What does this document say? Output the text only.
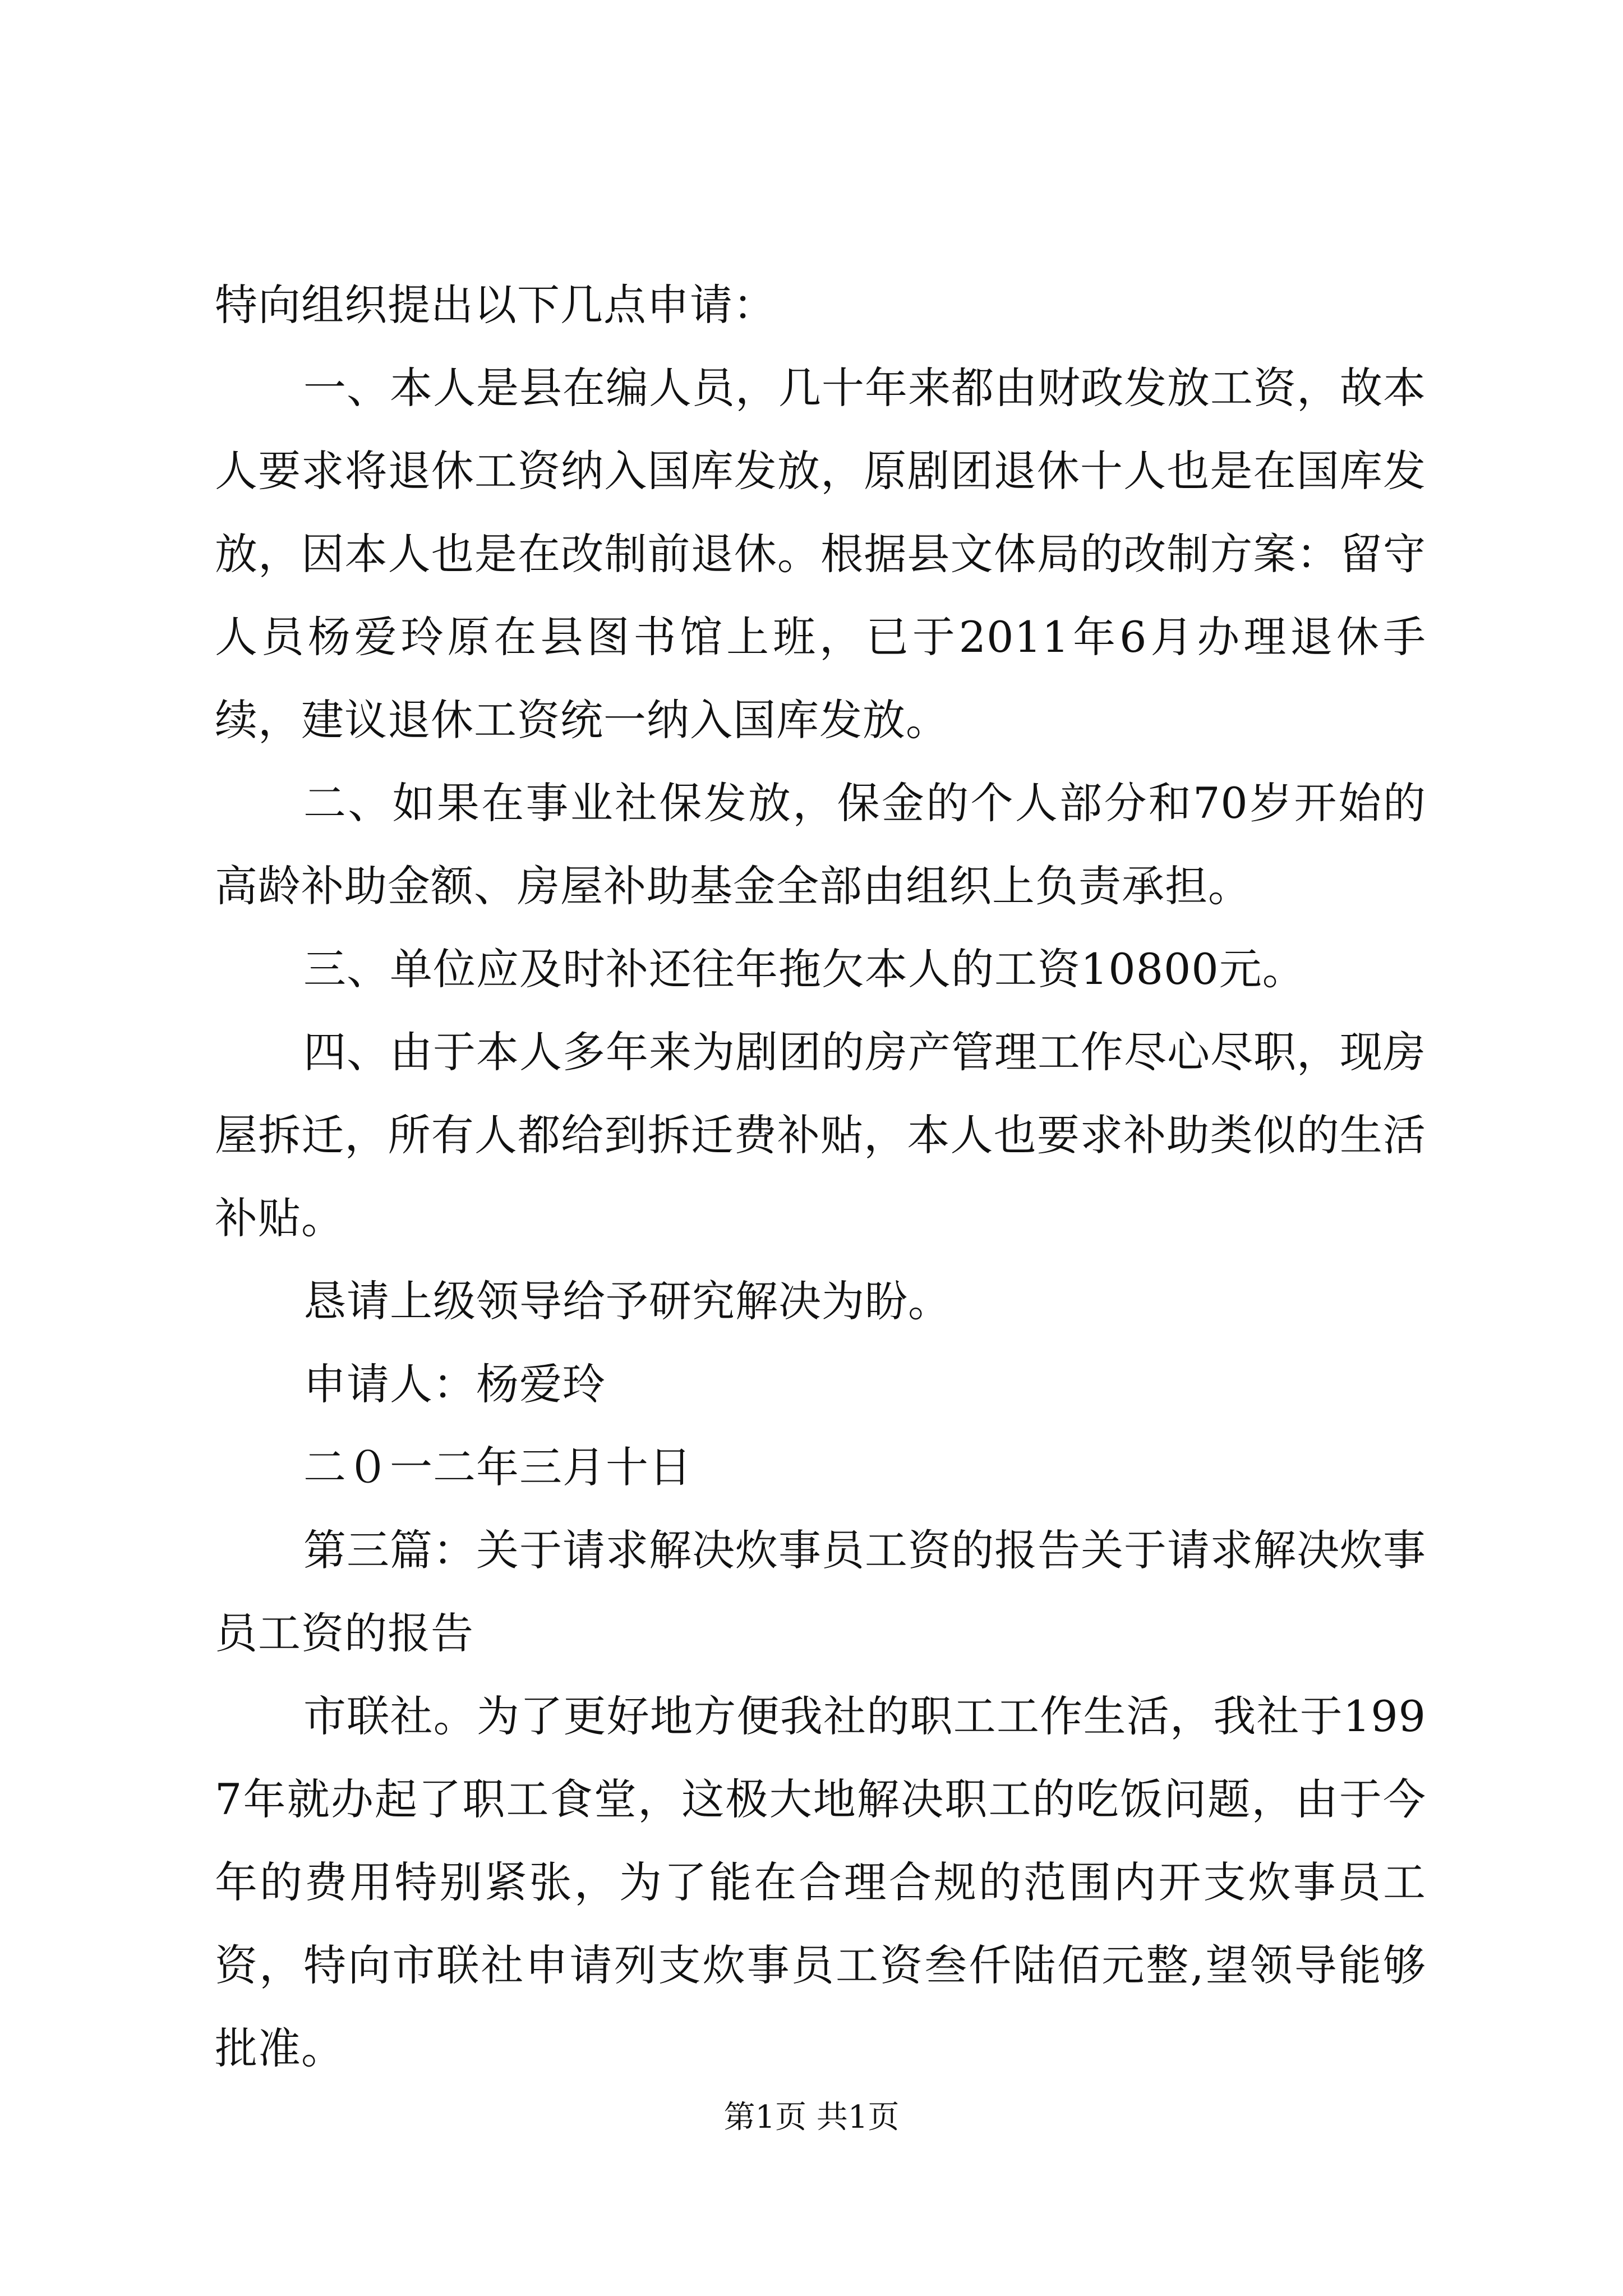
特向组织提出以下几点申请：

一、本人是县在编人员，几十年来都由财政发放工资，故本人要求将退休工资纳入国库发放，原剧团退休十人也是在国库发放，因本人也是在改制前退休。根据县文体局的改制方案：留守人员杨爱玲原在县图书馆上班，已于2011年6月办理退休手续，建议退休工资统一纳入国库发放。

二、如果在事业社保发放，保金的个人部分和70岁开始的高龄补助金额、房屋补助基金全部由组织上负责承担。

三、单位应及时补还往年拖欠本人的工资10800元。

四、由于本人多年来为剧团的房产管理工作尽心尽职，现房屋拆迁，所有人都给到拆迁费补贴，本人也要求补助类似的生活补贴。

恳请上级领导给予研究解决为盼。

申请人：杨爱玲

二０一二年三月十日

第三篇：关于请求解决炊事员工资的报告关于请求解决炊事员工资的报告

市联社。为了更好地方便我社的职工工作生活，我社于1997年就办起了职工食堂，这极大地解决职工的吃饭问题，由于今年的费用特别紧张，为了能在合理合规的范围内开支炊事员工资，特向市联社申请列支炊事员工资叁仟陆佰元整,望领导能够批准。

第1页 共1页
